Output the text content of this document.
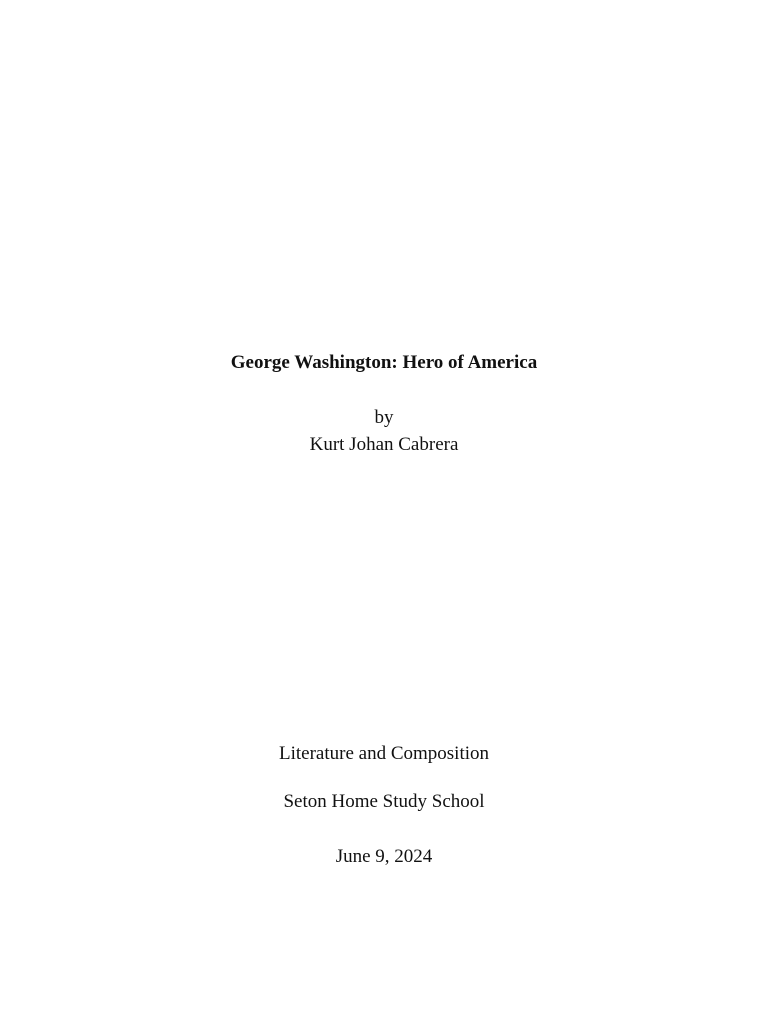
George Washington: Hero of America
by
Kurt Johan Cabrera
Literature and Composition
Seton Home Study School
June 9, 2024
